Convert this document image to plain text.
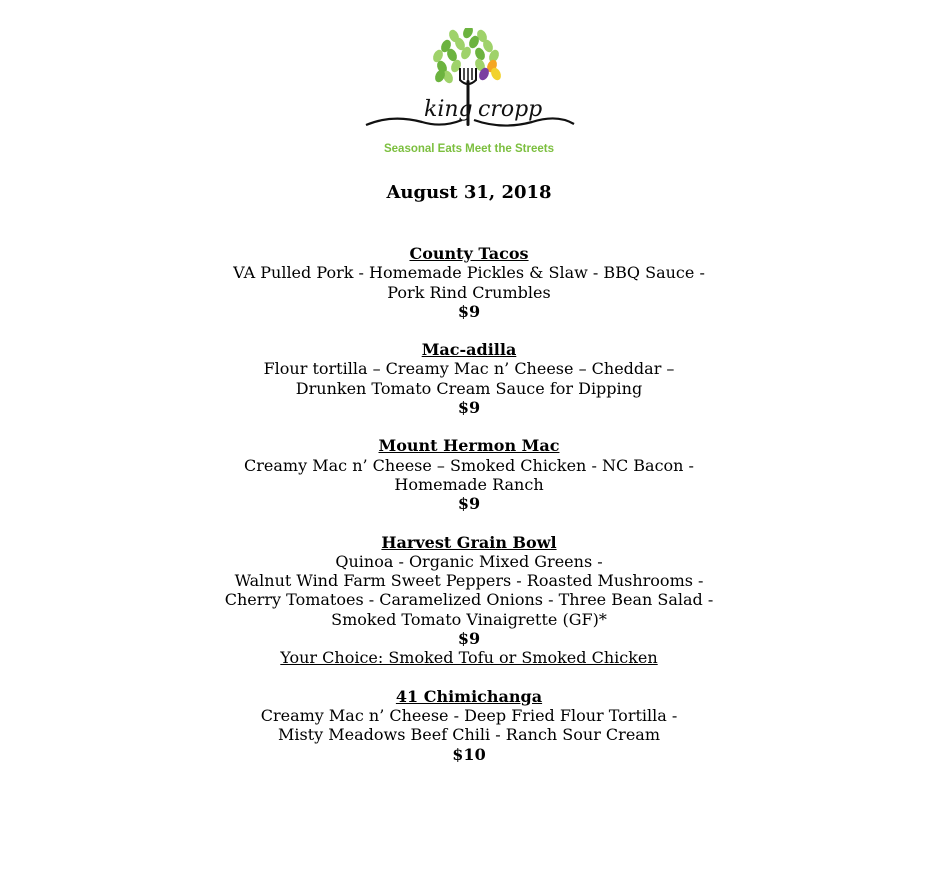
king cropp
Seasonal Eats Meet the Streets
August 31, 2018
County Tacos
VA Pulled Pork - Homemade Pickles & Slaw - BBQ Sauce -
Pork Rind Crumbles
$9
Mac-adilla
Flour tortilla – Creamy Mac n’ Cheese – Cheddar –
Drunken Tomato Cream Sauce for Dipping
$9
Mount Hermon Mac
Creamy Mac n’ Cheese – Smoked Chicken - NC Bacon -
Homemade Ranch
$9
Harvest Grain Bowl
Quinoa - Organic Mixed Greens -
Walnut Wind Farm Sweet Peppers - Roasted Mushrooms -
Cherry Tomatoes - Caramelized Onions - Three Bean Salad -
Smoked Tomato Vinaigrette (GF)*
$9
Your Choice: Smoked Tofu or Smoked Chicken
41 Chimichanga
Creamy Mac n’ Cheese - Deep Fried Flour Tortilla -
Misty Meadows Beef Chili - Ranch Sour Cream
$10
